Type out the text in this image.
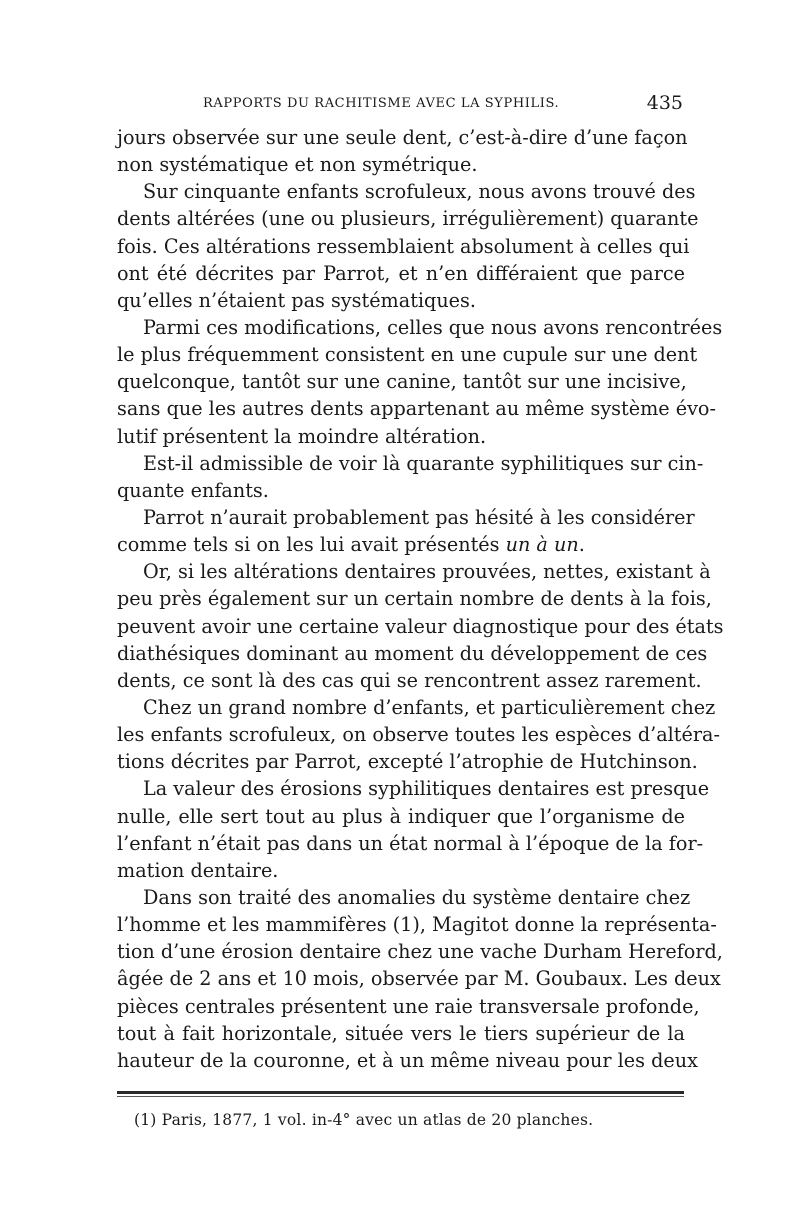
RAPPORTS DU RACHITISME AVEC LA SYPHILIS.	435
jours observée sur une seule dent, c’est-à-dire d’une façon
non systématique et non symétrique.
Sur cinquante enfants scrofuleux, nous avons trouvé des
dents altérées (une ou plusieurs, irrégulièrement) quarante
fois. Ces altérations ressemblaient absolument à celles qui
ont été décrites par Parrot, et n’en différaient que parce
qu’elles n’étaient pas systématiques.
Parmi ces modifications, celles que nous avons rencontrées
le plus fréquemment consistent en une cupule sur une dent
quelconque, tantôt sur une canine, tantôt sur une incisive,
sans que les autres dents appartenant au même système évo-
lutif présentent la moindre altération.
Est-il admissible de voir là quarante syphilitiques sur cin-
quante enfants.
Parrot n’aurait probablement pas hésité à les considérer
comme tels si on les lui avait présentés un à un.
Or, si les altérations dentaires prouvées, nettes, existant à
peu près également sur un certain nombre de dents à la fois,
peuvent avoir une certaine valeur diagnostique pour des états
diathésiques dominant au moment du développement de ces
dents, ce sont là des cas qui se rencontrent assez rarement.
Chez un grand nombre d’enfants, et particulièrement chez
les enfants scrofuleux, on observe toutes les espèces d’altéra-
tions décrites par Parrot, excepté l’atrophie de Hutchinson.
La valeur des érosions syphilitiques dentaires est presque
nulle, elle sert tout au plus à indiquer que l’organisme de
l’enfant n’était pas dans un état normal à l’époque de la for-
mation dentaire.
Dans son traité des anomalies du système dentaire chez
l’homme et les mammifères (1), Magitot donne la représenta-
tion d’une érosion dentaire chez une vache Durham Hereford,
âgée de 2 ans et 10 mois, observée par M. Goubaux. Les deux
pièces centrales présentent une raie transversale profonde,
tout à fait horizontale, située vers le tiers supérieur de la
hauteur de la couronne, et à un même niveau pour les deux
(1) Paris, 1877, 1 vol. in-4° avec un atlas de 20 planches.
